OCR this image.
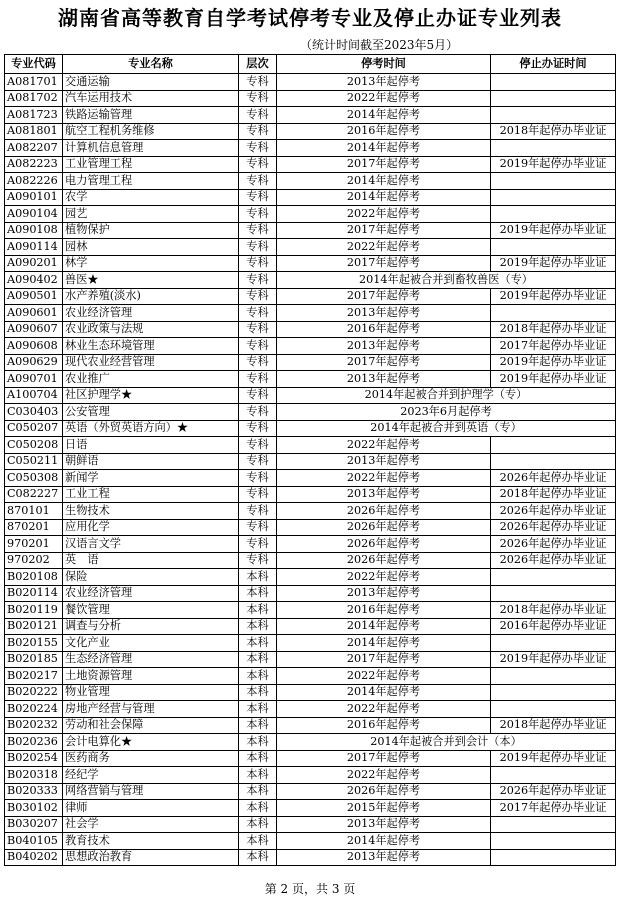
湖南省高等教育自学考试停考专业及停止办证专业列表
（统计时间截至2023年5月）
专业代码	专业名称	层次	停考时间	停止办证时间
A081701	交通运输	专科	2013年起停考	
A081702	汽车运用技术	专科	2022年起停考	
A081723	铁路运输管理	专科	2014年起停考	
A081801	航空工程机务维修	专科	2016年起停考	2018年起停办毕业证
A082207	计算机信息管理	专科	2014年起停考	
A082223	工业管理工程	专科	2017年起停考	2019年起停办毕业证
A082226	电力管理工程	专科	2014年起停考	
A090101	农学	专科	2014年起停考	
A090104	园艺	专科	2022年起停考	
A090108	植物保护	专科	2017年起停考	2019年起停办毕业证
A090114	园林	专科	2022年起停考	
A090201	林学	专科	2017年起停考	2019年起停办毕业证
A090402	兽医★	专科	2014年起被合并到畜牧兽医（专）	
A090501	水产养殖(淡水)	专科	2017年起停考	2019年起停办毕业证
A090601	农业经济管理	专科	2013年起停考	
A090607	农业政策与法规	专科	2016年起停考	2018年起停办毕业证
A090608	林业生态环境管理	专科	2013年起停考	2017年起停办毕业证
A090629	现代农业经营管理	专科	2017年起停考	2019年起停办毕业证
A090701	农业推广	专科	2013年起停考	2019年起停办毕业证
A100704	社区护理学★	专科	2014年起被合并到护理学（专）	
C030403	公安管理	专科	2023年6月起停考	
C050207	英语（外贸英语方向）★	专科	2014年起被合并到英语（专）	
C050208	日语	专科	2022年起停考	
C050211	朝鲜语	专科	2013年起停考	
C050308	新闻学	专科	2022年起停考	2026年起停办毕业证
C082227	工业工程	专科	2013年起停考	2018年起停办毕业证
870101	生物技术	专科	2026年起停考	2026年起停办毕业证
870201	应用化学	专科	2026年起停考	2026年起停办毕业证
970201	汉语言文学	专科	2026年起停考	2026年起停办毕业证
970202	英　语	专科	2026年起停考	2026年起停办毕业证
B020108	保险	本科	2022年起停考	
B020114	农业经济管理	本科	2013年起停考	
B020119	餐饮管理	本科	2016年起停考	2018年起停办毕业证
B020121	调查与分析	本科	2014年起停考	2016年起停办毕业证
B020155	文化产业	本科	2014年起停考	
B020185	生态经济管理	本科	2017年起停考	2019年起停办毕业证
B020217	土地资源管理	本科	2022年起停考	
B020222	物业管理	本科	2014年起停考	
B020224	房地产经营与管理	本科	2022年起停考	
B020232	劳动和社会保障	本科	2016年起停考	2018年起停办毕业证
B020236	会计电算化★	本科	2014年起被合并到会计（本）	
B020254	医药商务	本科	2017年起停考	2019年起停办毕业证
B020318	经纪学	本科	2022年起停考	
B020333	网络营销与管理	本科	2026年起停考	2026年起停办毕业证
B030102	律师	本科	2015年起停考	2017年起停办毕业证
B030207	社会学	本科	2013年起停考	
B040105	教育技术	本科	2014年起停考	
B040202	思想政治教育	本科	2013年起停考	
第 2 页，共 3 页
